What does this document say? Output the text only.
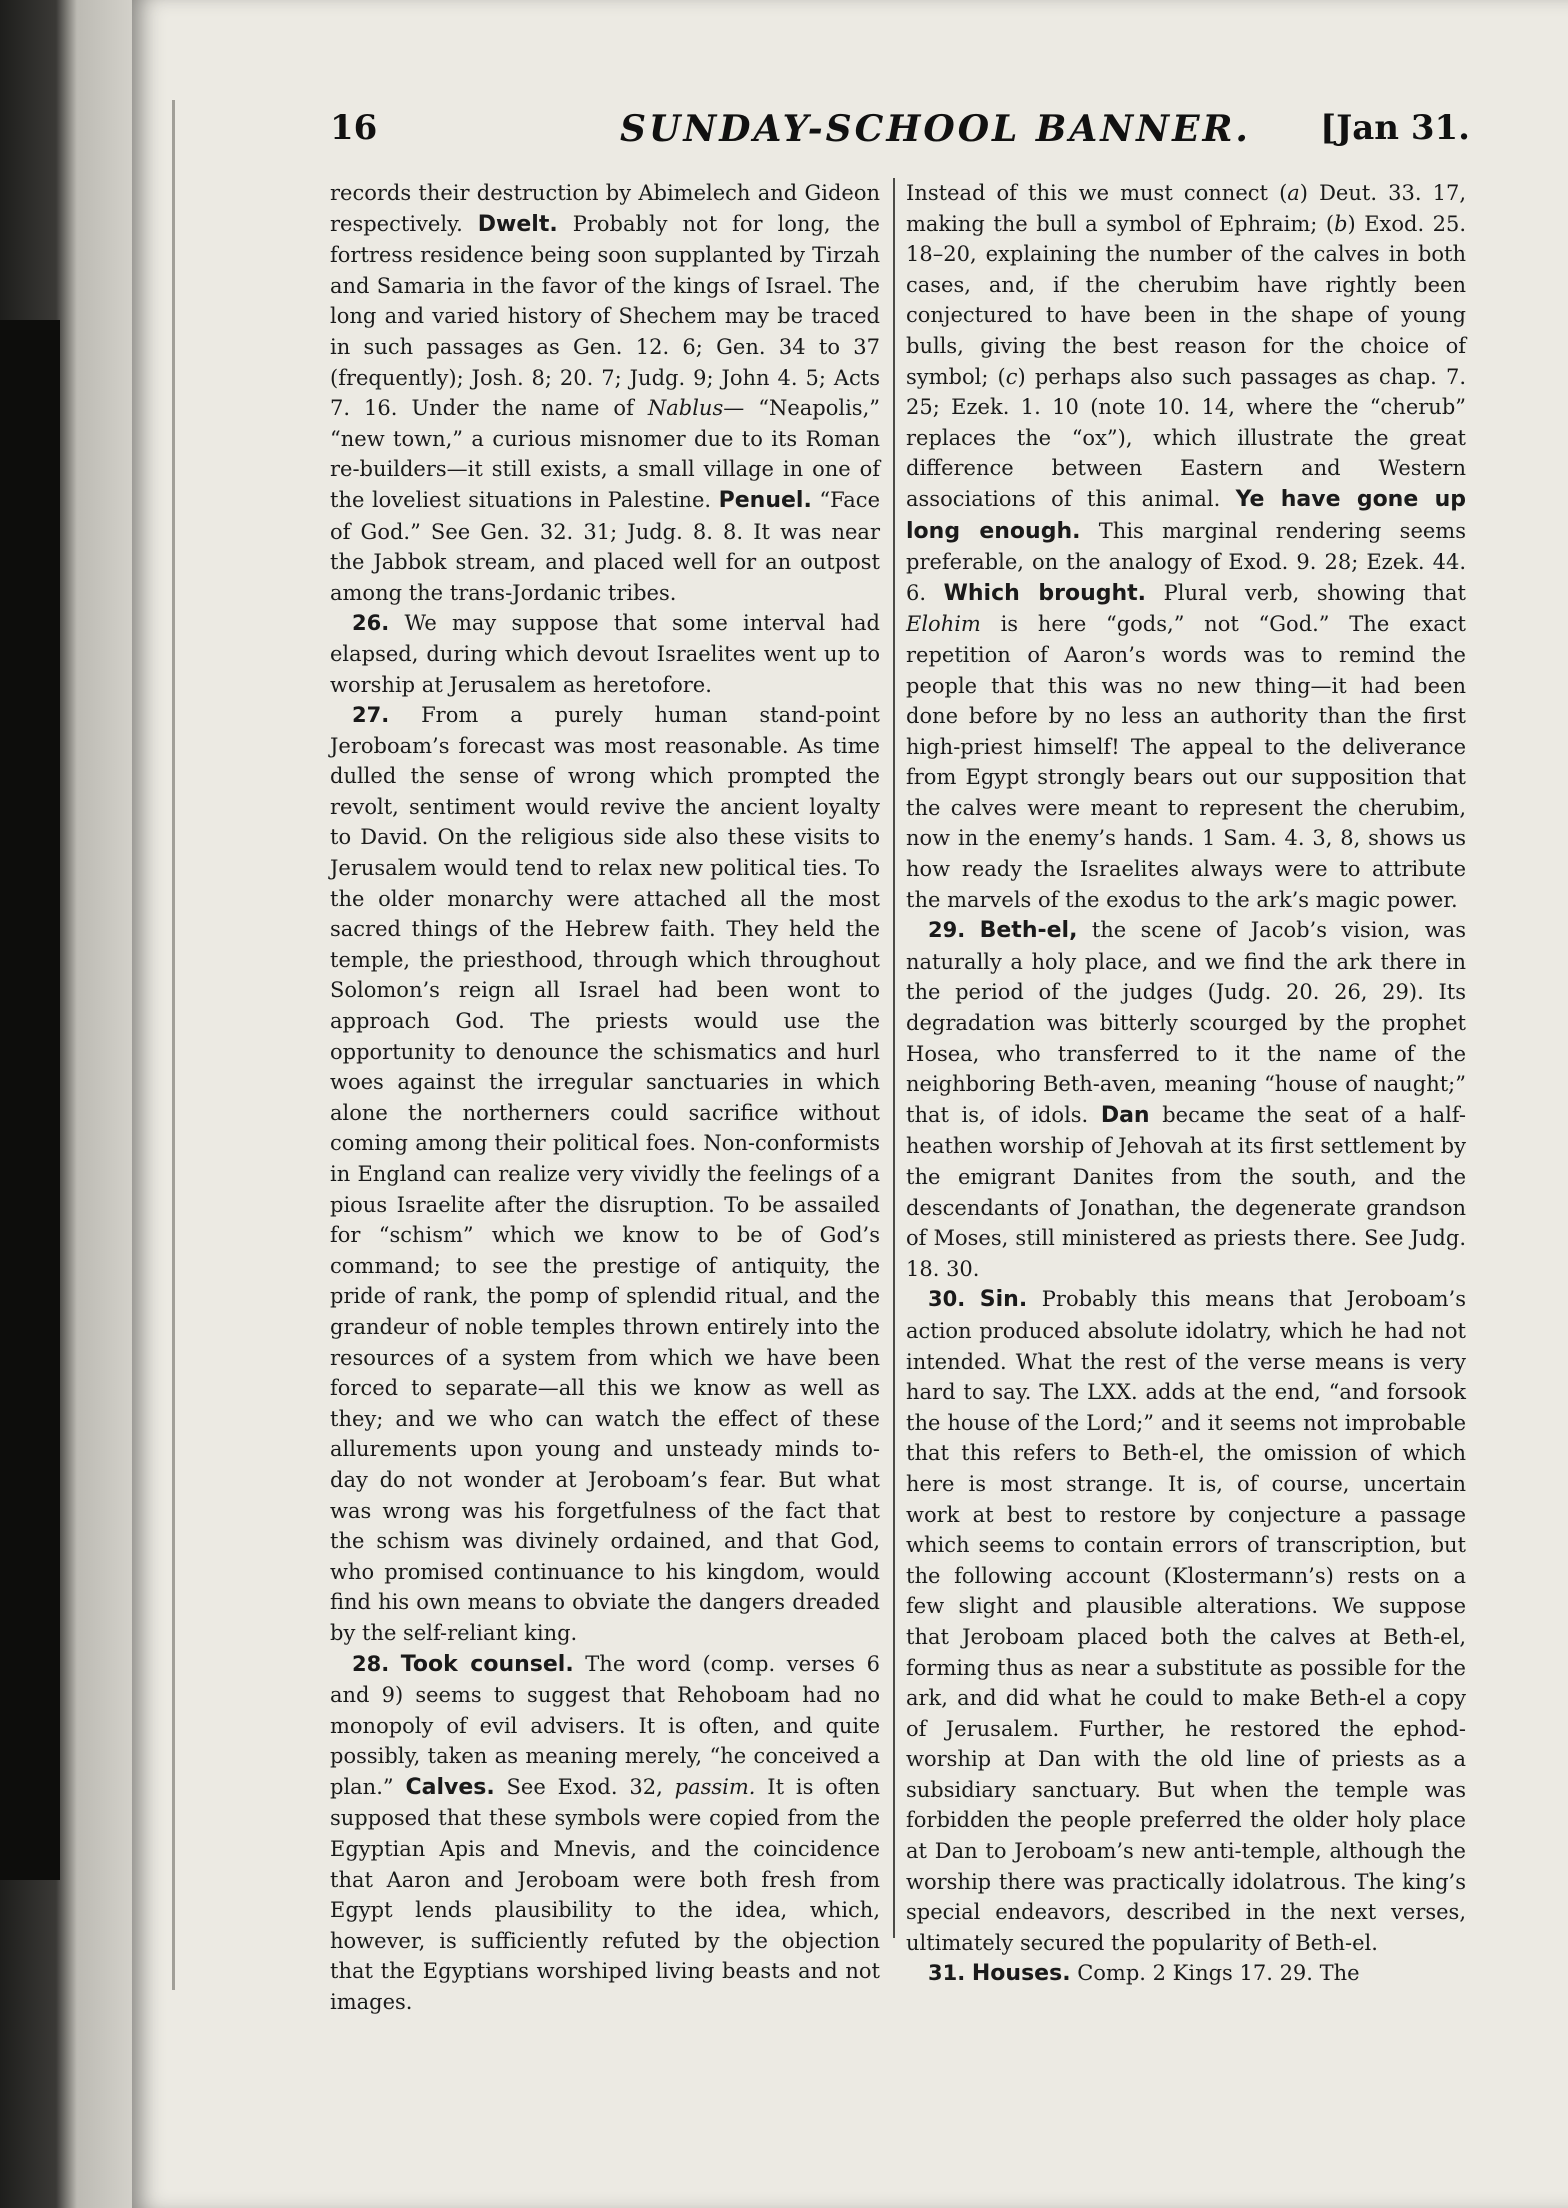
16	SUNDAY-SCHOOL BANNER. [Jan 31.

records their destruction by Abimelech and Gideon respectively. Dwelt. Probably not for long, the fortress residence being soon supplanted by Tirzah and Samaria in the favor of the kings of Israel. The long and varied history of Shechem may be traced in such passages as Gen. 12. 6; Gen. 34 to 37 (frequently); Josh. 8; 20. 7; Judg. 9; John 4. 5; Acts 7. 16. Under the name of Nablus— “Neapolis,” “new town,” a curious misnomer due to its Roman re-builders—it still exists, a small village in one of the loveliest situations in Palestine. Penuel. “Face of God.” See Gen. 32. 31; Judg. 8. 8. It was near the Jabbok stream, and placed well for an outpost among the trans-Jordanic tribes.

26. We may suppose that some interval had elapsed, during which devout Israelites went up to worship at Jerusalem as heretofore.

27. From a purely human stand-point Jeroboam’s forecast was most reasonable. As time dulled the sense of wrong which prompted the revolt, sentiment would revive the ancient loyalty to David. On the religious side also these visits to Jerusalem would tend to relax new political ties. To the older monarchy were attached all the most sacred things of the Hebrew faith. They held the temple, the priesthood, through which throughout Solomon’s reign all Israel had been wont to approach God. The priests would use the opportunity to denounce the schismatics and hurl woes against the irregular sanctuaries in which alone the northerners could sacrifice without coming among their political foes. Non-conformists in England can realize very vividly the feelings of a pious Israelite after the disruption. To be assailed for “schism” which we know to be of God’s command; to see the prestige of antiquity, the pride of rank, the pomp of splendid ritual, and the grandeur of noble temples thrown entirely into the resources of a system from which we have been forced to separate—all this we know as well as they; and we who can watch the effect of these allurements upon young and unsteady minds to-day do not wonder at Jeroboam’s fear. But what was wrong was his forgetfulness of the fact that the schism was divinely ordained, and that God, who promised continuance to his kingdom, would find his own means to obviate the dangers dreaded by the self-reliant king.

28. Took counsel. The word (comp. verses 6 and 9) seems to suggest that Rehoboam had no monopoly of evil advisers. It is often, and quite possibly, taken as meaning merely, “he conceived a plan.” Calves. See Exod. 32, passim. It is often supposed that these symbols were copied from the Egyptian Apis and Mnevis, and the coincidence that Aaron and Jeroboam were both fresh from Egypt lends plausibility to the idea, which, however, is sufficiently refuted by the objection that the Egyptians worshiped living beasts and not images.

Instead of this we must connect (a) Deut. 33. 17, making the bull a symbol of Ephraim; (b) Exod. 25. 18–20, explaining the number of the calves in both cases, and, if the cherubim have rightly been conjectured to have been in the shape of young bulls, giving the best reason for the choice of symbol; (c) perhaps also such passages as chap. 7. 25; Ezek. 1. 10 (note 10. 14, where the “cherub” replaces the “ox”), which illustrate the great difference between Eastern and Western associations of this animal. Ye have gone up long enough. This marginal rendering seems preferable, on the analogy of Exod. 9. 28; Ezek. 44. 6. Which brought. Plural verb, showing that Elohim is here “gods,” not “God.” The exact repetition of Aaron’s words was to remind the people that this was no new thing—it had been done before by no less an authority than the first high-priest himself! The appeal to the deliverance from Egypt strongly bears out our supposition that the calves were meant to represent the cherubim, now in the enemy’s hands. 1 Sam. 4. 3, 8, shows us how ready the Israelites always were to attribute the marvels of the exodus to the ark’s magic power.

29. Beth-el, the scene of Jacob’s vision, was naturally a holy place, and we find the ark there in the period of the judges (Judg. 20. 26, 29). Its degradation was bitterly scourged by the prophet Hosea, who transferred to it the name of the neighboring Beth-aven, meaning “house of naught;” that is, of idols. Dan became the seat of a half-heathen worship of Jehovah at its first settlement by the emigrant Danites from the south, and the descendants of Jonathan, the degenerate grandson of Moses, still ministered as priests there. See Judg. 18. 30.

30. Sin. Probably this means that Jeroboam’s action produced absolute idolatry, which he had not intended. What the rest of the verse means is very hard to say. The LXX. adds at the end, “and forsook the house of the Lord;” and it seems not improbable that this refers to Beth-el, the omission of which here is most strange. It is, of course, uncertain work at best to restore by conjecture a passage which seems to contain errors of transcription, but the following account (Klostermann’s) rests on a few slight and plausible alterations. We suppose that Jeroboam placed both the calves at Beth-el, forming thus as near a substitute as possible for the ark, and did what he could to make Beth-el a copy of Jerusalem. Further, he restored the ephod-worship at Dan with the old line of priests as a subsidiary sanctuary. But when the temple was forbidden the people preferred the older holy place at Dan to Jeroboam’s new anti-temple, although the worship there was practically idolatrous. The king’s special endeavors, described in the next verses, ultimately secured the popularity of Beth-el.

31. Houses. Comp. 2 Kings 17. 29. The
